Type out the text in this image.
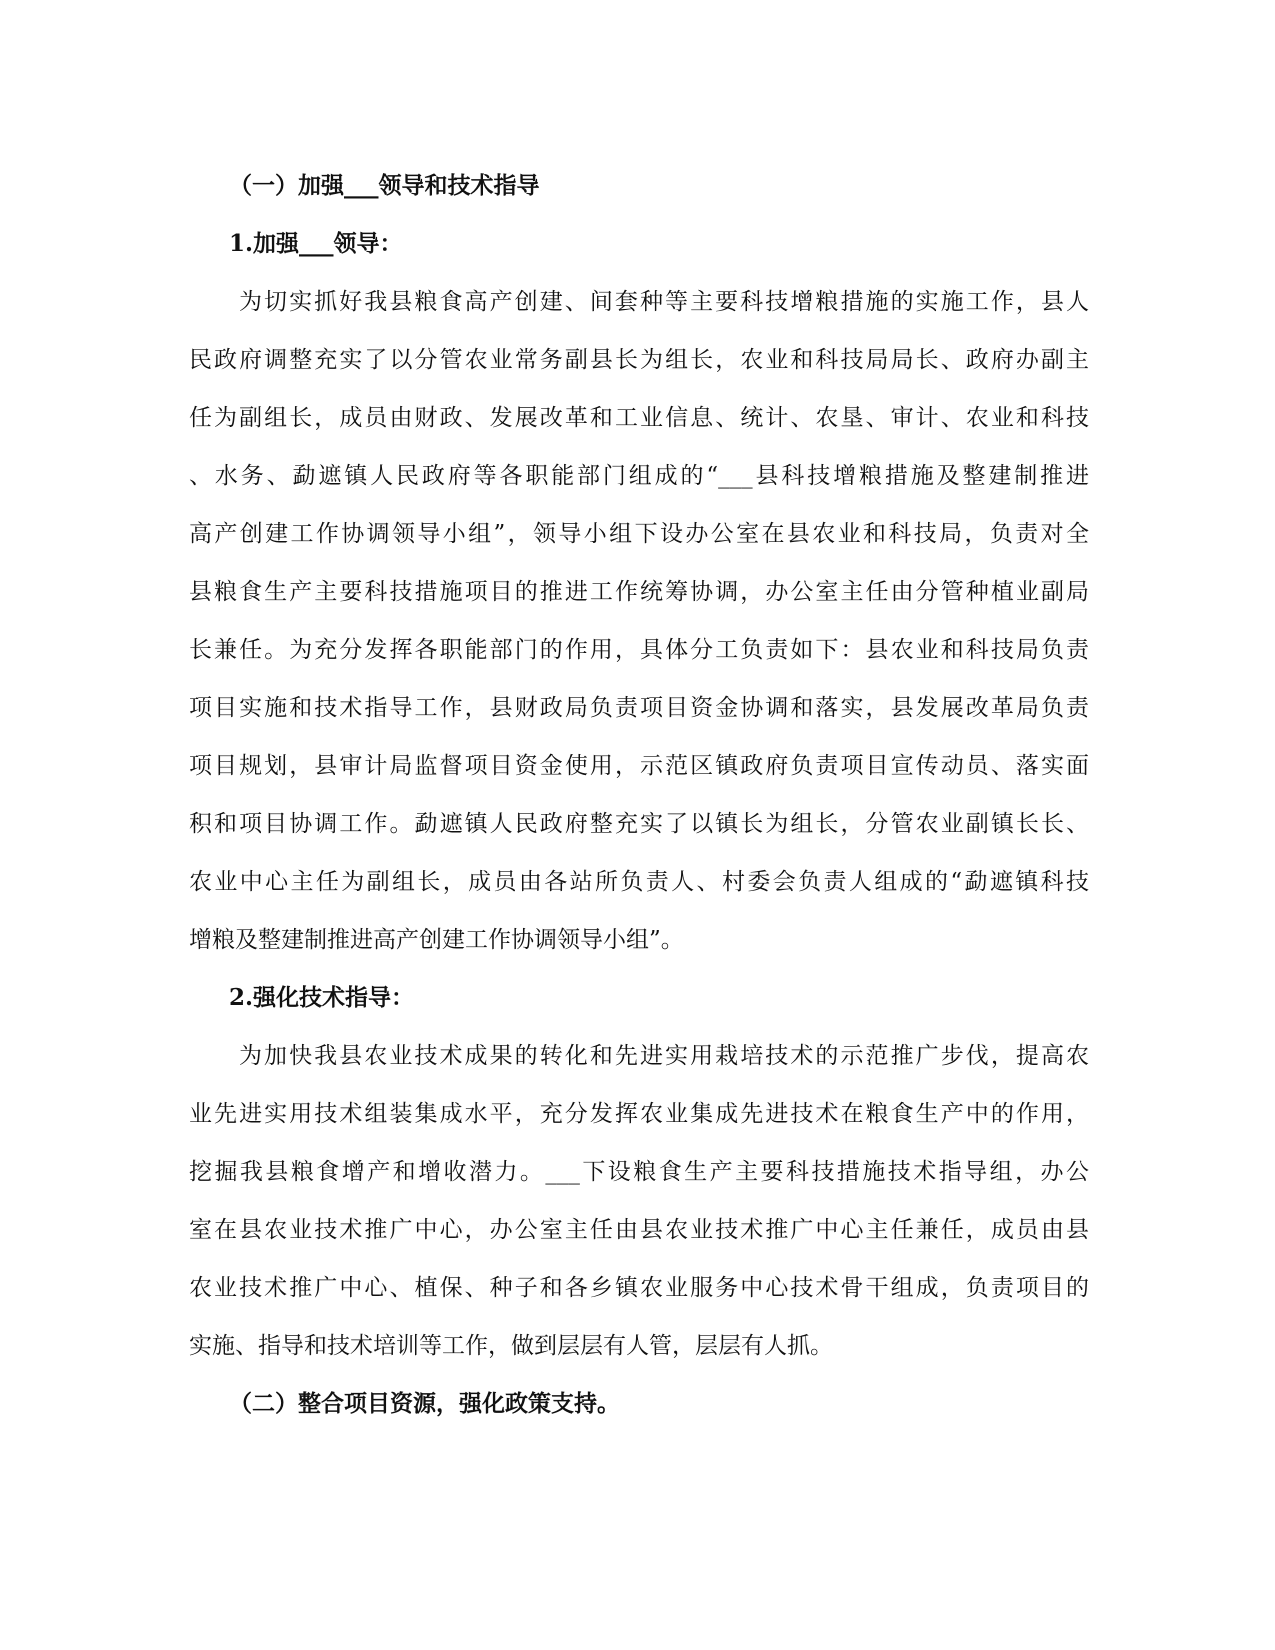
（一）加强___领导和技术指导
1.加强___领导：
为切实抓好我县粮食高产创建、间套种等主要科技增粮措施的实施工作，县人
民政府调整充实了以分管农业常务副县长为组长，农业和科技局局长、政府办副主
任为副组长，成员由财政、发展改革和工业信息、统计、农垦、审计、农业和科技
、水务、勐遮镇人民政府等各职能部门组成的“___县科技增粮措施及整建制推进
高产创建工作协调领导小组”，领导小组下设办公室在县农业和科技局，负责对全
县粮食生产主要科技措施项目的推进工作统筹协调，办公室主任由分管种植业副局
长兼任。为充分发挥各职能部门的作用，具体分工负责如下：县农业和科技局负责
项目实施和技术指导工作，县财政局负责项目资金协调和落实，县发展改革局负责
项目规划，县审计局监督项目资金使用，示范区镇政府负责项目宣传动员、落实面
积和项目协调工作。勐遮镇人民政府整充实了以镇长为组长，分管农业副镇长长、
农业中心主任为副组长，成员由各站所负责人、村委会负责人组成的“勐遮镇科技
增粮及整建制推进高产创建工作协调领导小组”。
2.强化技术指导：
为加快我县农业技术成果的转化和先进实用栽培技术的示范推广步伐，提高农
业先进实用技术组装集成水平，充分发挥农业集成先进技术在粮食生产中的作用，
挖掘我县粮食增产和增收潜力。___下设粮食生产主要科技措施技术指导组，办公
室在县农业技术推广中心，办公室主任由县农业技术推广中心主任兼任，成员由县
农业技术推广中心、植保、种子和各乡镇农业服务中心技术骨干组成，负责项目的
实施、指导和技术培训等工作，做到层层有人管，层层有人抓。
（二）整合项目资源，强化政策支持。
